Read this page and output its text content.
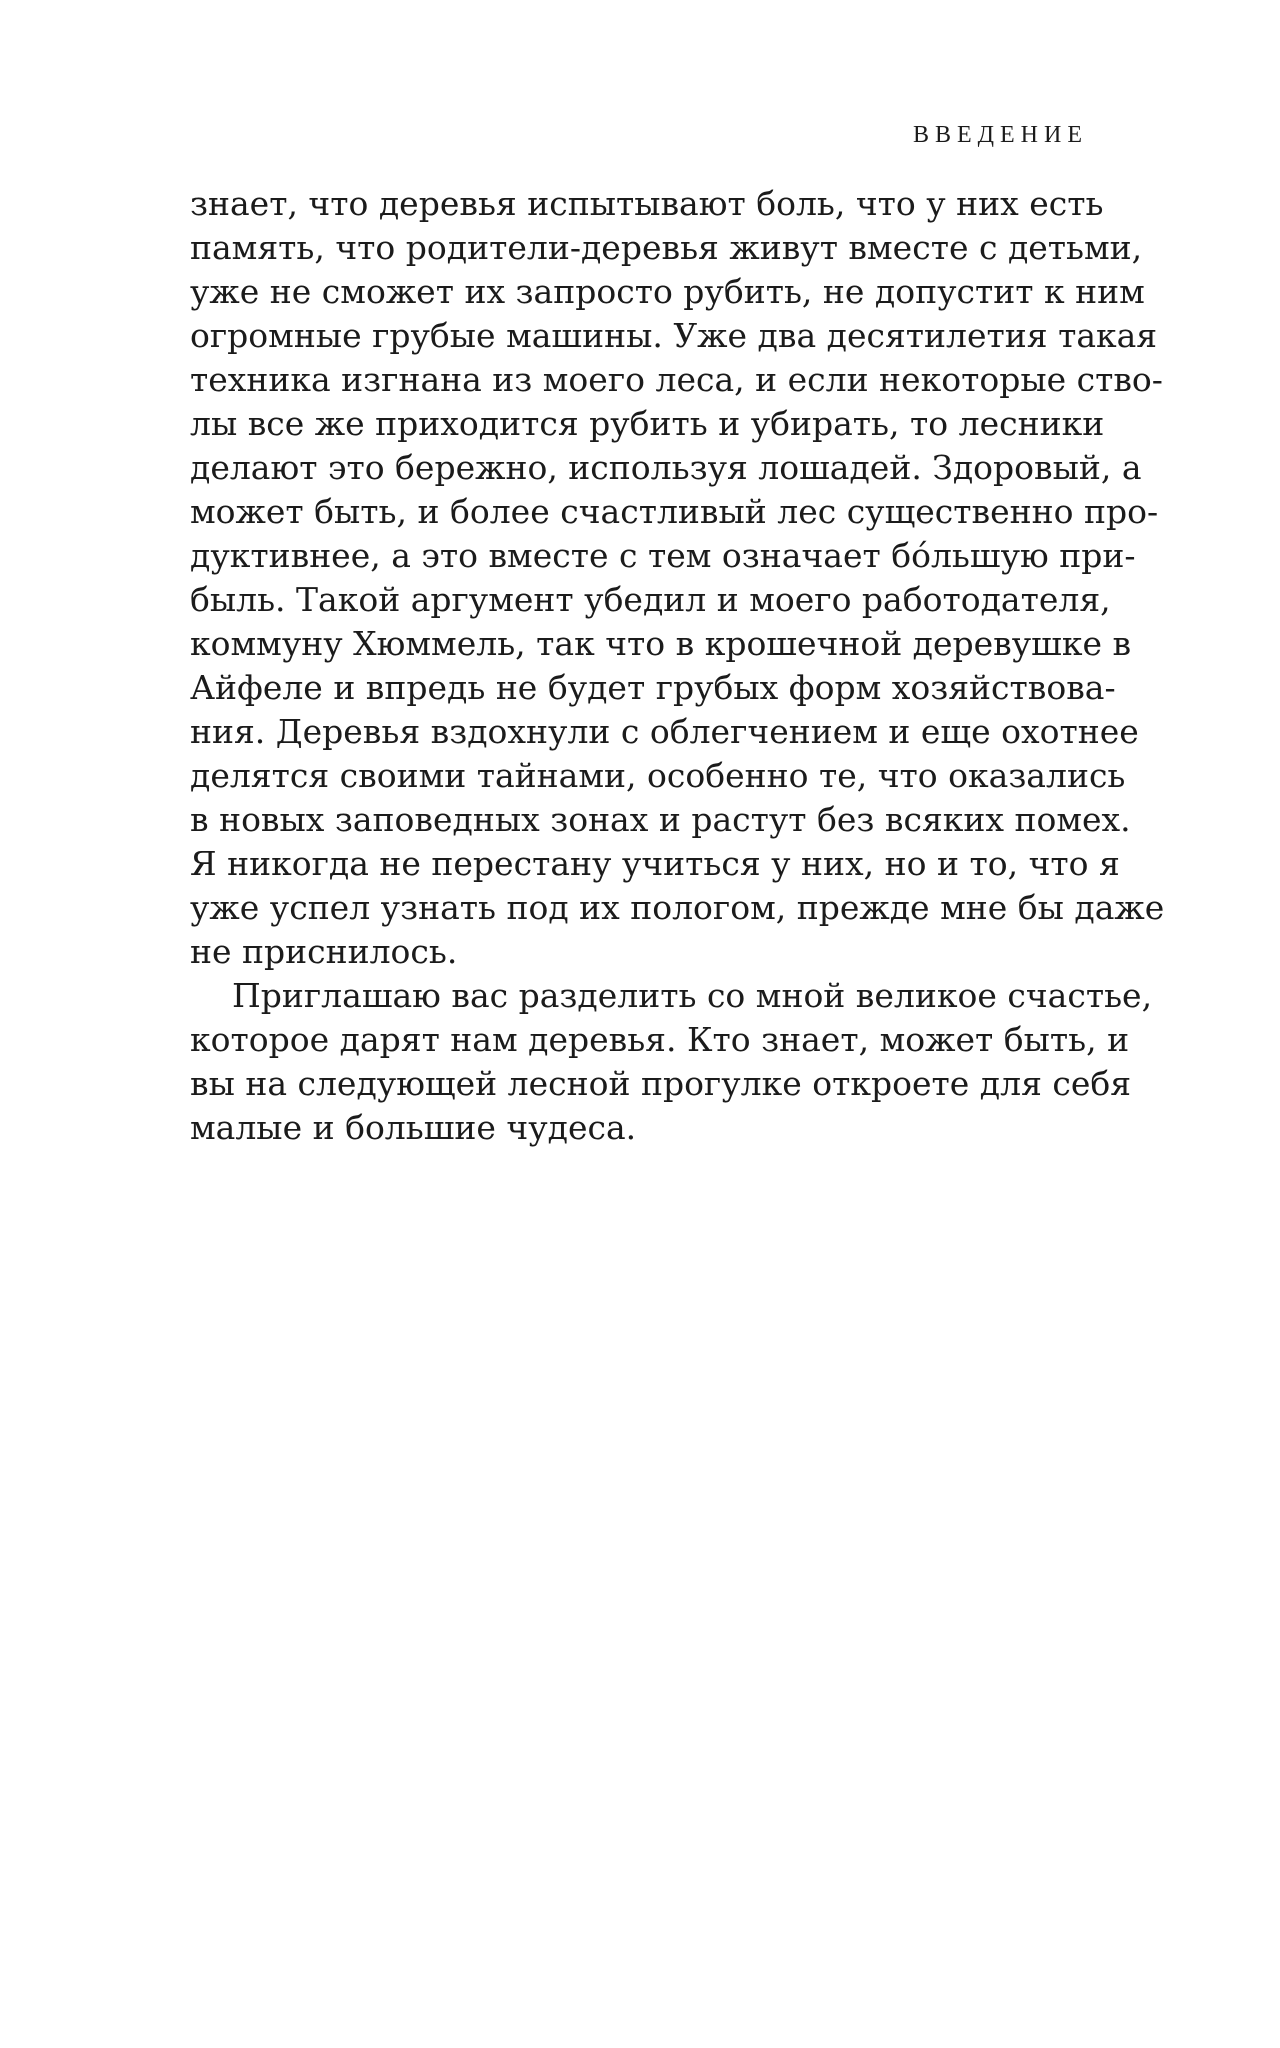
ВВЕДЕНИЕ
знает, что деревья испытывают боль, что у них есть
память, что родители-деревья живут вместе с детьми,
уже не сможет их запросто рубить, не допустит к ним
огромные грубые машины. Уже два десятилетия такая
техника изгнана из моего леса, и если некоторые ство-
лы все же приходится рубить и убирать, то лесники
делают это бережно, используя лошадей. Здоровый, а
может быть, и более счастливый лес существенно про-
дуктивнее, а это вместе с тем означает бóльшую при-
быль. Такой аргумент убедил и моего работодателя,
коммуну Хюммель, так что в крошечной деревушке в
Айфеле и впредь не будет грубых форм хозяйствова-
ния. Деревья вздохнули с облегчением и еще охотнее
делятся своими тайнами, особенно те, что оказались
в новых заповедных зонах и растут без всяких помех.
Я никогда не перестану учиться у них, но и то, что я
уже успел узнать под их пологом, прежде мне бы даже
не приснилось.
Приглашаю вас разделить со мной великое счастье,
которое дарят нам деревья. Кто знает, может быть, и
вы на следующей лесной прогулке откроете для себя
малые и большие чудеса.
